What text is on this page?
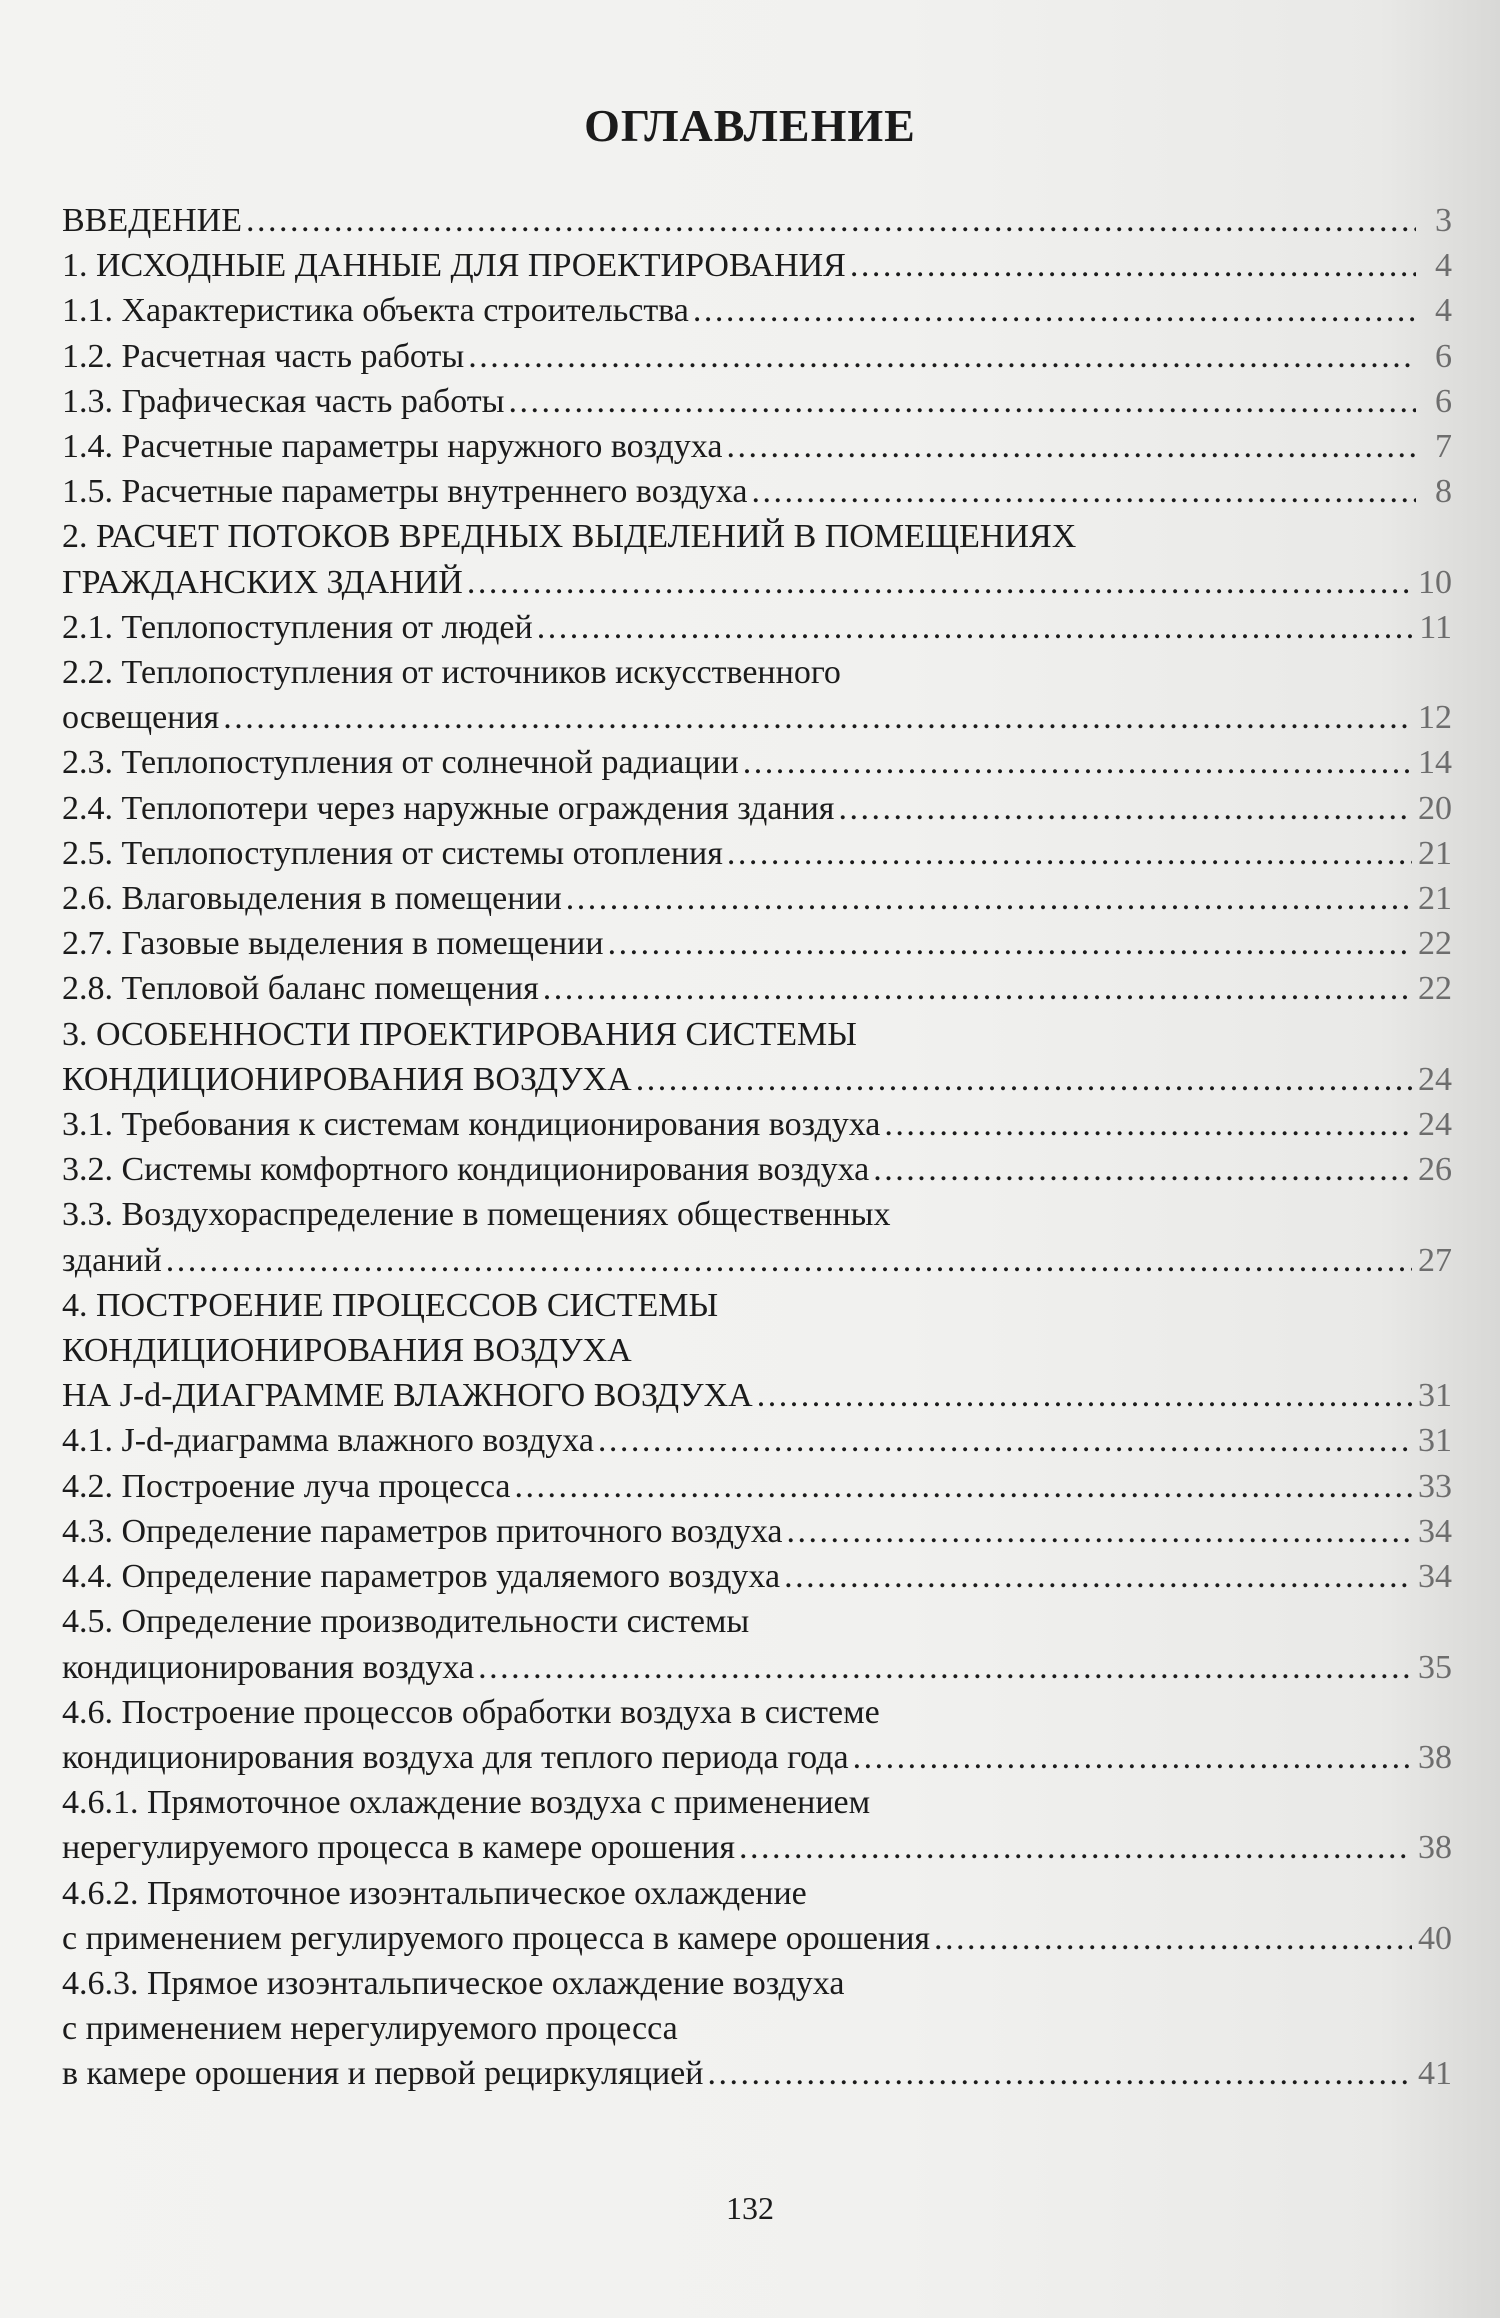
ОГЛАВЛЕНИЕ
ВВЕДЕНИЕ . . .	3
1. ИСХОДНЫЕ ДАННЫЕ ДЛЯ ПРОЕКТИРОВАНИЯ . . .	4
1.1. Характеристика объекта строительства . . .	4
1.2. Расчетная часть работы . . .	6
1.3. Графическая часть работы . . .	6
1.4. Расчетные параметры наружного воздуха . . .	7
1.5. Расчетные параметры внутреннего воздуха . . .	8
2. РАСЧЕТ ПОТОКОВ ВРЕДНЫХ ВЫДЕЛЕНИЙ В ПОМЕЩЕНИЯХ
ГРАЖДАНСКИХ ЗДАНИЙ . . .	10
2.1. Теплопоступления от людей . . .	11
2.2. Теплопоступления от источников искусственного
освещения . . .	12
2.3. Теплопоступления от солнечной радиации . . .	14
2.4. Теплопотери через наружные ограждения здания . . .	20
2.5. Теплопоступления от системы отопления . . .	21
2.6. Влаговыделения в помещении . . .	21
2.7. Газовые выделения в помещении . . .	22
2.8. Тепловой баланс помещения . . .	22
3. ОСОБЕННОСТИ ПРОЕКТИРОВАНИЯ СИСТЕМЫ
КОНДИЦИОНИРОВАНИЯ ВОЗДУХА . . .	24
3.1. Требования к системам кондиционирования воздуха . . .	24
3.2. Системы комфортного кондиционирования воздуха . . .	26
3.3. Воздухораспределение в помещениях общественных
зданий . . .	27
4. ПОСТРОЕНИЕ ПРОЦЕССОВ СИСТЕМЫ
КОНДИЦИОНИРОВАНИЯ ВОЗДУХА
НА J-d-ДИАГРАММЕ ВЛАЖНОГО ВОЗДУХА . . .	31
4.1. J-d-диаграмма влажного воздуха . . .	31
4.2. Построение луча процесса . . .	33
4.3. Определение параметров приточного воздуха . . .	34
4.4. Определение параметров удаляемого воздуха . . .	34
4.5. Определение производительности системы
кондиционирования воздуха . . .	35
4.6. Построение процессов обработки воздуха в системе
кондиционирования воздуха для теплого периода года . . .	38
4.6.1. Прямоточное охлаждение воздуха с применением
нерегулируемого процесса в камере орошения . . .	38
4.6.2. Прямоточное изоэнтальпическое охлаждение
с применением регулируемого процесса в камере орошения . . .	40
4.6.3. Прямое изоэнтальпическое охлаждение воздуха
с применением нерегулируемого процесса
в камере орошения и первой рециркуляцией . . .	41
132
